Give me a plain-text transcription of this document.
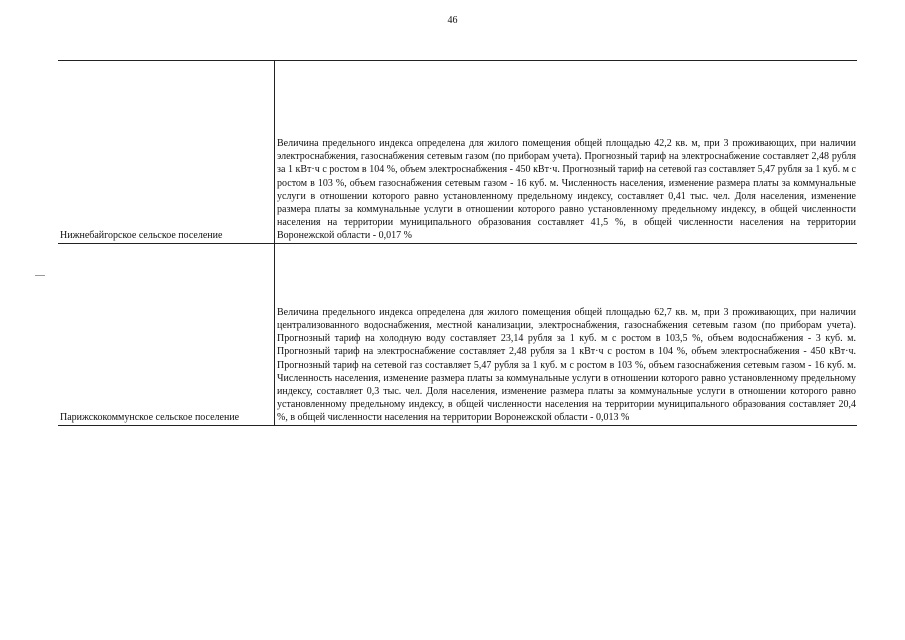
46
Нижнебайгорское сельское поселение

Величина предельного индекса определена для жилого помещения общей площадью 42,2 кв. м, при 3 проживающих, при наличии электроснабжения, газоснабжения сетевым газом (по приборам учета). Прогнозный тариф на электроснабжение составляет 2,48 рубля за 1 кВт·ч с ростом в 104 %, объем электроснабжения - 450 кВт·ч. Прогнозный тариф на сетевой газ составляет 5,47 рубля за 1 куб. м с ростом в 103 %, объем газоснабжения сетевым газом - 16 куб. м. Численность населения, изменение размера платы за коммунальные услуги в отношении которого равно установленному предельному индексу, составляет 0,41 тыс. чел. Доля населения, изменение размера платы за коммунальные услуги в отношении которого равно установленному предельному индексу, в общей численности населения на территории муниципального образования составляет 41,5 %, в общей численности населения на территории Воронежской области - 0,017 %

Парижскокоммунское сельское поселение

Величина предельного индекса определена для жилого помещения общей площадью 62,7 кв. м, при 3 проживающих, при наличии централизованного водоснабжения, местной канализации, электроснабжения, газоснабжения сетевым газом (по приборам учета). Прогнозный тариф на холодную воду составляет 23,14 рубля за 1 куб. м с ростом в 103,5 %, объем водоснабжения - 3 куб. м. Прогнозный тариф на электроснабжение составляет 2,48 рубля за 1 кВт·ч с ростом в 104 %, объем электроснабжения - 450 кВт·ч. Прогнозный тариф на сетевой газ составляет 5,47 рубля за 1 куб. м с ростом в 103 %, объем газоснабжения сетевым газом - 16 куб. м. Численность населения, изменение размера платы за коммунальные услуги в отношении которого равно установленному предельному индексу, составляет 0,3 тыс. чел. Доля населения, изменение размера платы за коммунальные услуги в отношении которого равно установленному предельному индексу, в общей численности населения на территории муниципального образования составляет 20,4 %, в общей численности населения на территории Воронежской области - 0,013 %
